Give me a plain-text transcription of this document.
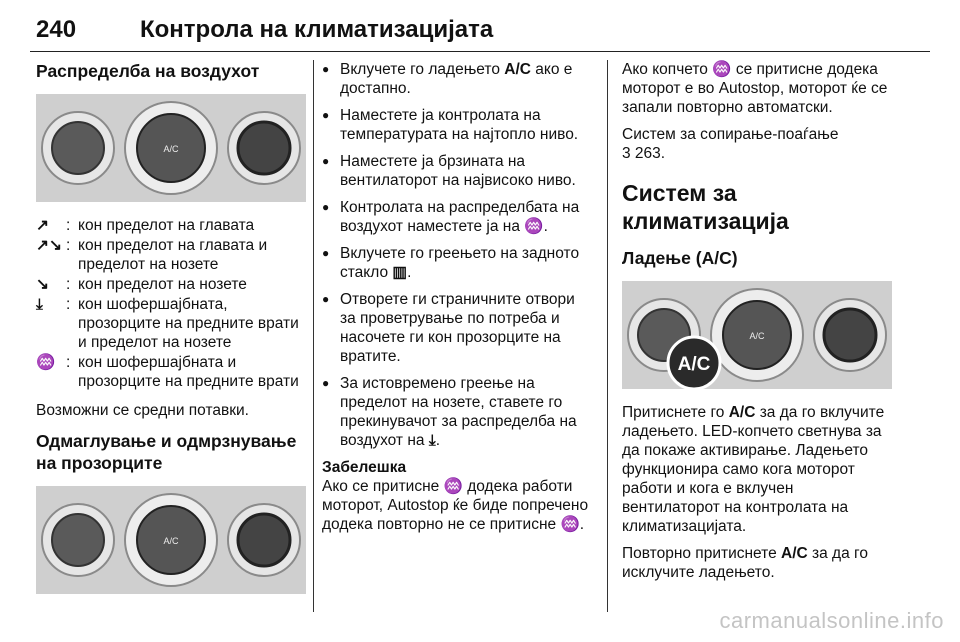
240	Контрола на климатизацијата
Распределба на воздухот
A/C
↗	: кон пределот на главата
↗↘ : кон пределот на главата и пределот на нозете
↘	: кон пределот на нозете
⤓	: кон шофершајбната, прозорците на предните врати и пределот на нозете
♒ : кон шофершајбната и прозорците на предните врати
Возможни се средни потавки.
Одмаглување и одмрзнување на прозорците
A/C
● Вклучете го ладењето A/C ако е достапно.
● Наместете ја контролата на температурата на најтопло ниво.
● Наместете ја брзината на вентилаторот на највисоко ниво.
● Контролата на распределбата на воздухот наместете ја на ♒.
● Вклучете го греењето на задното стакло ▥.
● Отворете ги страничните отвори за проветрување по потреба и насочете ги кон прозорците на вратите.
● За истовремено греење на пределот на нозете, ставете го прекинувачот за распределба на воздухот на ⤓.
Забелешка
Ако се притисне ♒ додека работи моторот, Autostop ќе биде попречено додека повторно не се притисне ♒.
Ако копчето ♒ се притисне додека моторот е во Autostop, моторот ќе се запали повторно автоматски.
Систем за сопирање-поаѓање
3 263.
Систем за климатизација
Ладење (A/C)
A/C
A/C
Притиснете го A/C за да го вклучите ладењето. LED-копчето светнува за да покаже активирање. Ладењето функционира само кога моторот работи и кога е вклучен вентилаторот на контролата на климатизацијата.
Повторно притиснете A/C за да го исклучите ладењето.
carmanualsonline.info
